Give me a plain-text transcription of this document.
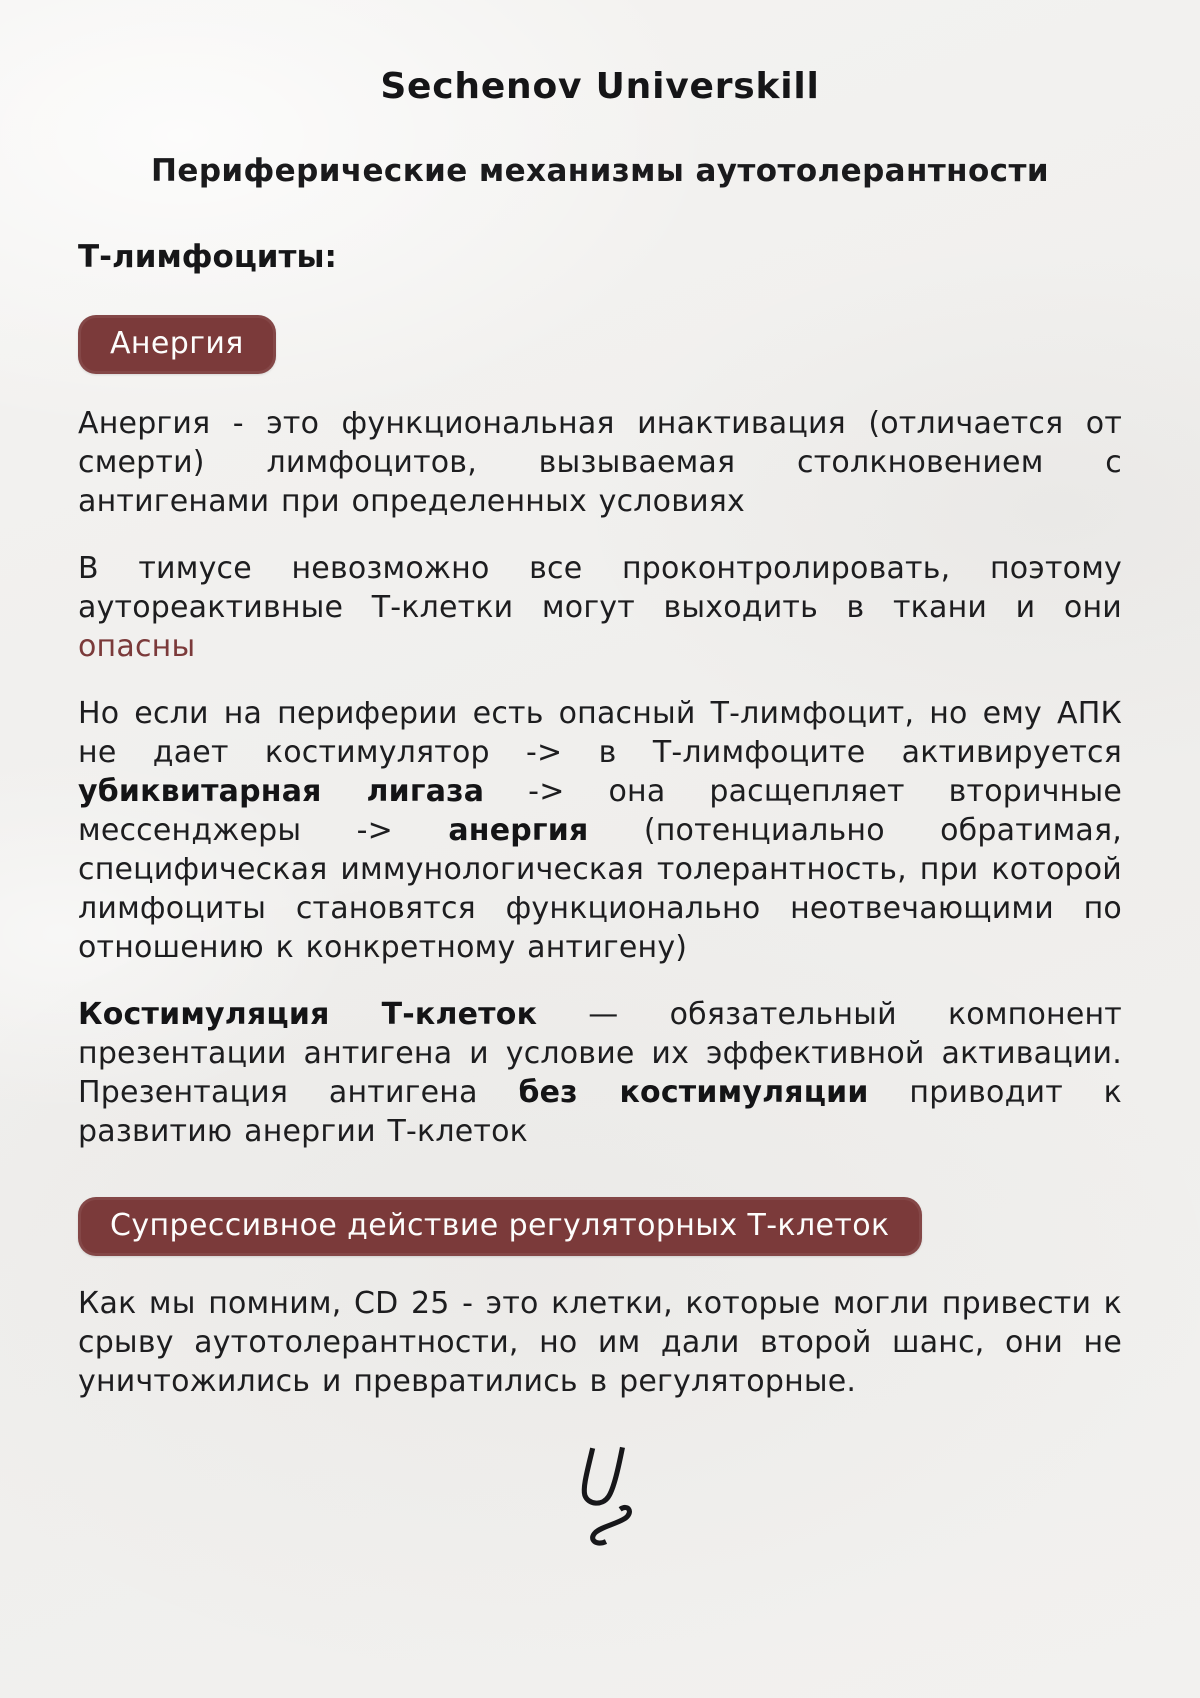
Sechenov Universkill
Периферические механизмы аутотолерантности
Т-лимфоциты:
Анергия

Анергия - это функциональная инактивация (отличается от смерти) лимфоцитов, вызываемая столкновением с антигенами при определенных условиях

В тимусе невозможно все проконтролировать, поэтому аутореактивные Т-клетки могут выходить в ткани и они опасны

Но если на периферии есть опасный Т-лимфоцит, но ему АПК не дает костимулятор -> в Т-лимфоците активируется убиквитарная лигаза -> она расщепляет вторичные мессенджеры -> анергия (потенциально обратимая, специфическая иммунологическая толерантность, при которой лимфоциты становятся функционально неотвечающими по отношению к конкретному антигену)

Костимуляция Т-клеток — обязательный компонент презентации антигена и условие их эффективной активации. Презентация антигена без костимуляции приводит к развитию анергии Т-клеток

Супрессивное действие регуляторных Т-клеток

Как мы помним, CD 25 - это клетки, которые могли привести к срыву аутотолерантности, но им дали второй шанс, они не уничтожились и превратились в регуляторные.
